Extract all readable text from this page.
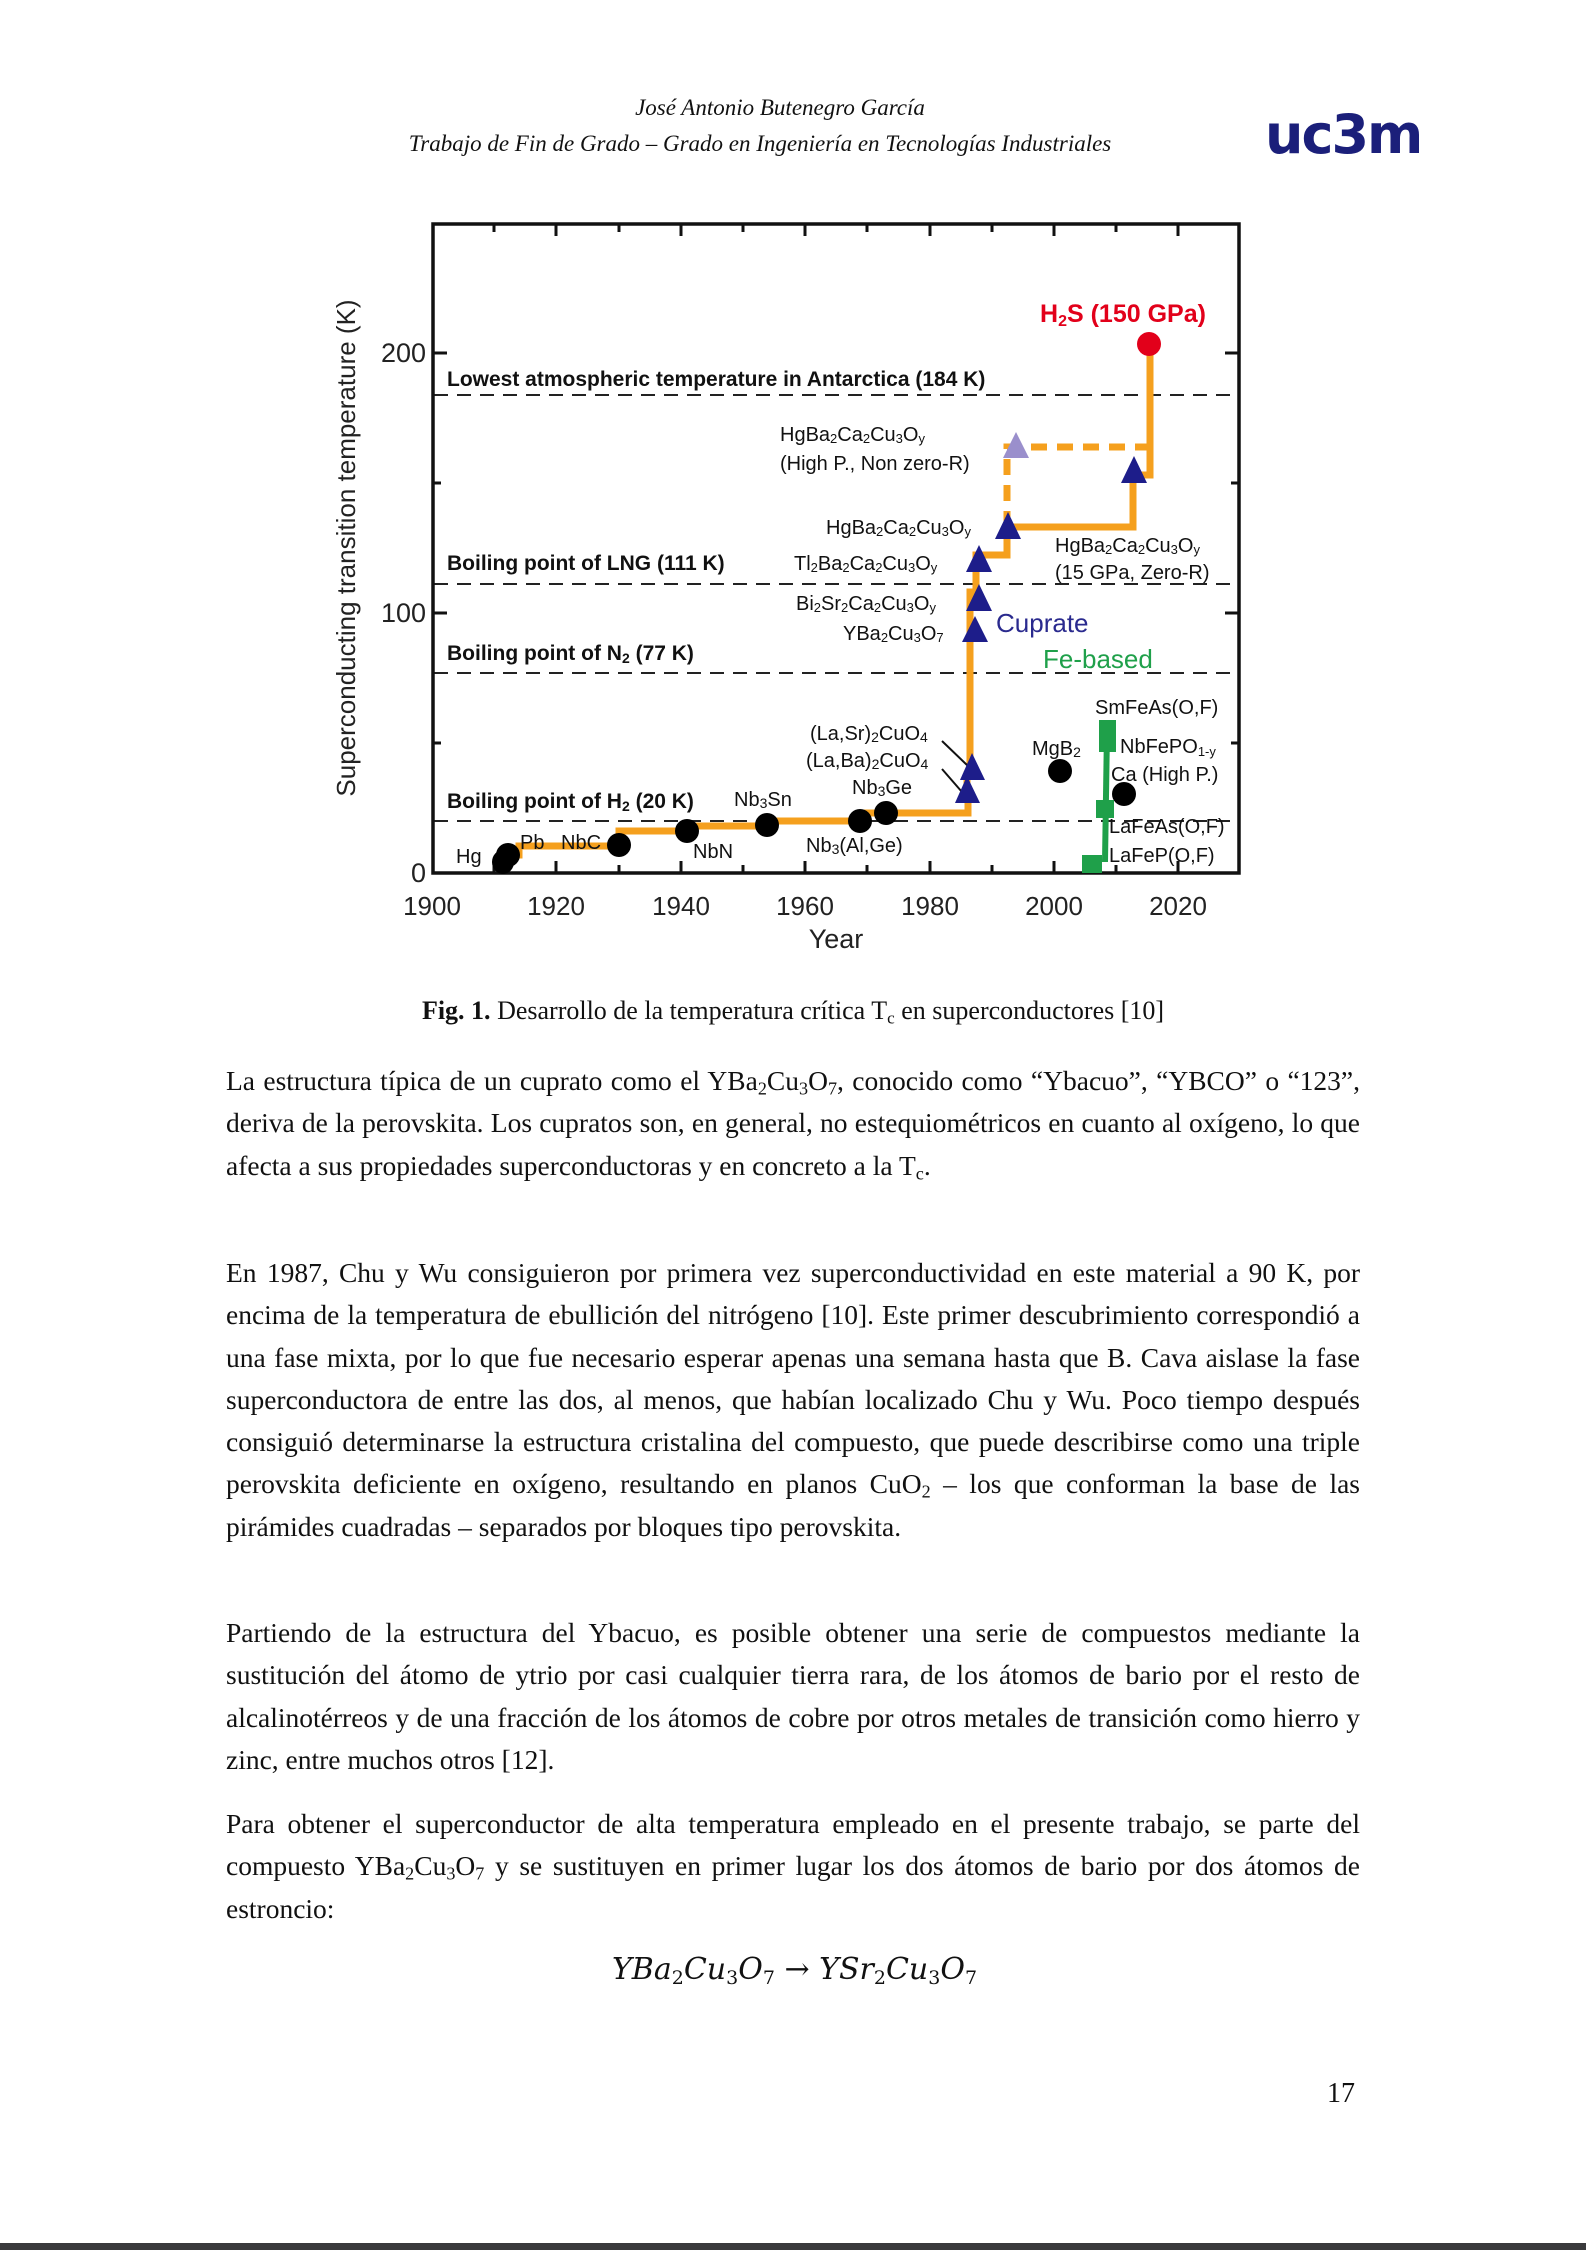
José Antonio Butenegro García
Trabajo de Fin de Grado – Grado en Ingeniería en Tecnologías Industriales	uc3m
Superconducting transition temperature (K)
Year
200
100
0
1900	1920	1940	1960	1980	2000	2020
Lowest atmospheric temperature in Antarctica (184 K)
Boiling point of LNG (111 K)
Boiling point of N2 (77 K)
Boiling point of H2 (20 K)
H2S (150 GPa)
Hg
Pb NbC	NbN
Nb3Sn
Nb3(Al,Ge)
Nb3Ge
(La,Sr)2CuO4
(La,Ba)2CuO4
YBa2Cu3O7
Bi2Sr2Ca2Cu3Oy
Tl2Ba2Ca2Cu3Oy
HgBa2Ca2Cu3Oy
HgBa2Ca2Cu3Oy
(High P., Non zero-R)
HgBa2Ca2Cu3Oy
(15 GPa, Zero-R)
Cuprate
Fe-based
MgB2
SmFeAs(O,F)
NbFePO1-y
Ca (High P.)
LaFeAs(O,F)
LaFeP(O,F)
Fig. 1. Desarrollo de la temperatura crítica $T_c$ en superconductores [10]
La estructura típica de un cuprato como el $YBa_2Cu_3O_7$, conocido como “Ybacuo”, “YBCO” o “123”, deriva de la perovskita. Los cupratos son, en general, no estequiométricos en cuanto al oxígeno, lo que afecta a sus propiedades superconductoras y en concreto a la $T_c$.
En 1987, Chu y Wu consiguieron por primera vez superconductividad en este material a 90 K, por encima de la temperatura de ebullición del nitrógeno [10]. Este primer descubrimiento correspondió a una fase mixta, por lo que fue necesario esperar apenas una semana hasta que B. Cava aislase la fase superconductora de entre las dos, al menos, que habían localizado Chu y Wu. Poco tiempo después consiguió determinarse la estructura cristalina del compuesto, que puede describirse como una triple perovskita deficiente en oxígeno, resultando en planos CuO$_2$ – los que conforman la base de las pirámides cuadradas – separados por bloques tipo perovskita.
Partiendo de la estructura del Ybacuo, es posible obtener una serie de compuestos mediante la sustitución del átomo de ytrio por casi cualquier tierra rara, de los átomos de bario por el resto de alcalinotérreos y de una fracción de los átomos de cobre por otros metales de transición como hierro y zinc, entre muchos otros [12].
Para obtener el superconductor de alta temperatura empleado en el presente trabajo, se parte del compuesto $YBa_2Cu_3O_7$ y se sustituyen en primer lugar los dos átomos de bario por dos átomos de estroncio:
$YBa_2Cu_3O_7 \to YSr_2Cu_3O_7$
17
